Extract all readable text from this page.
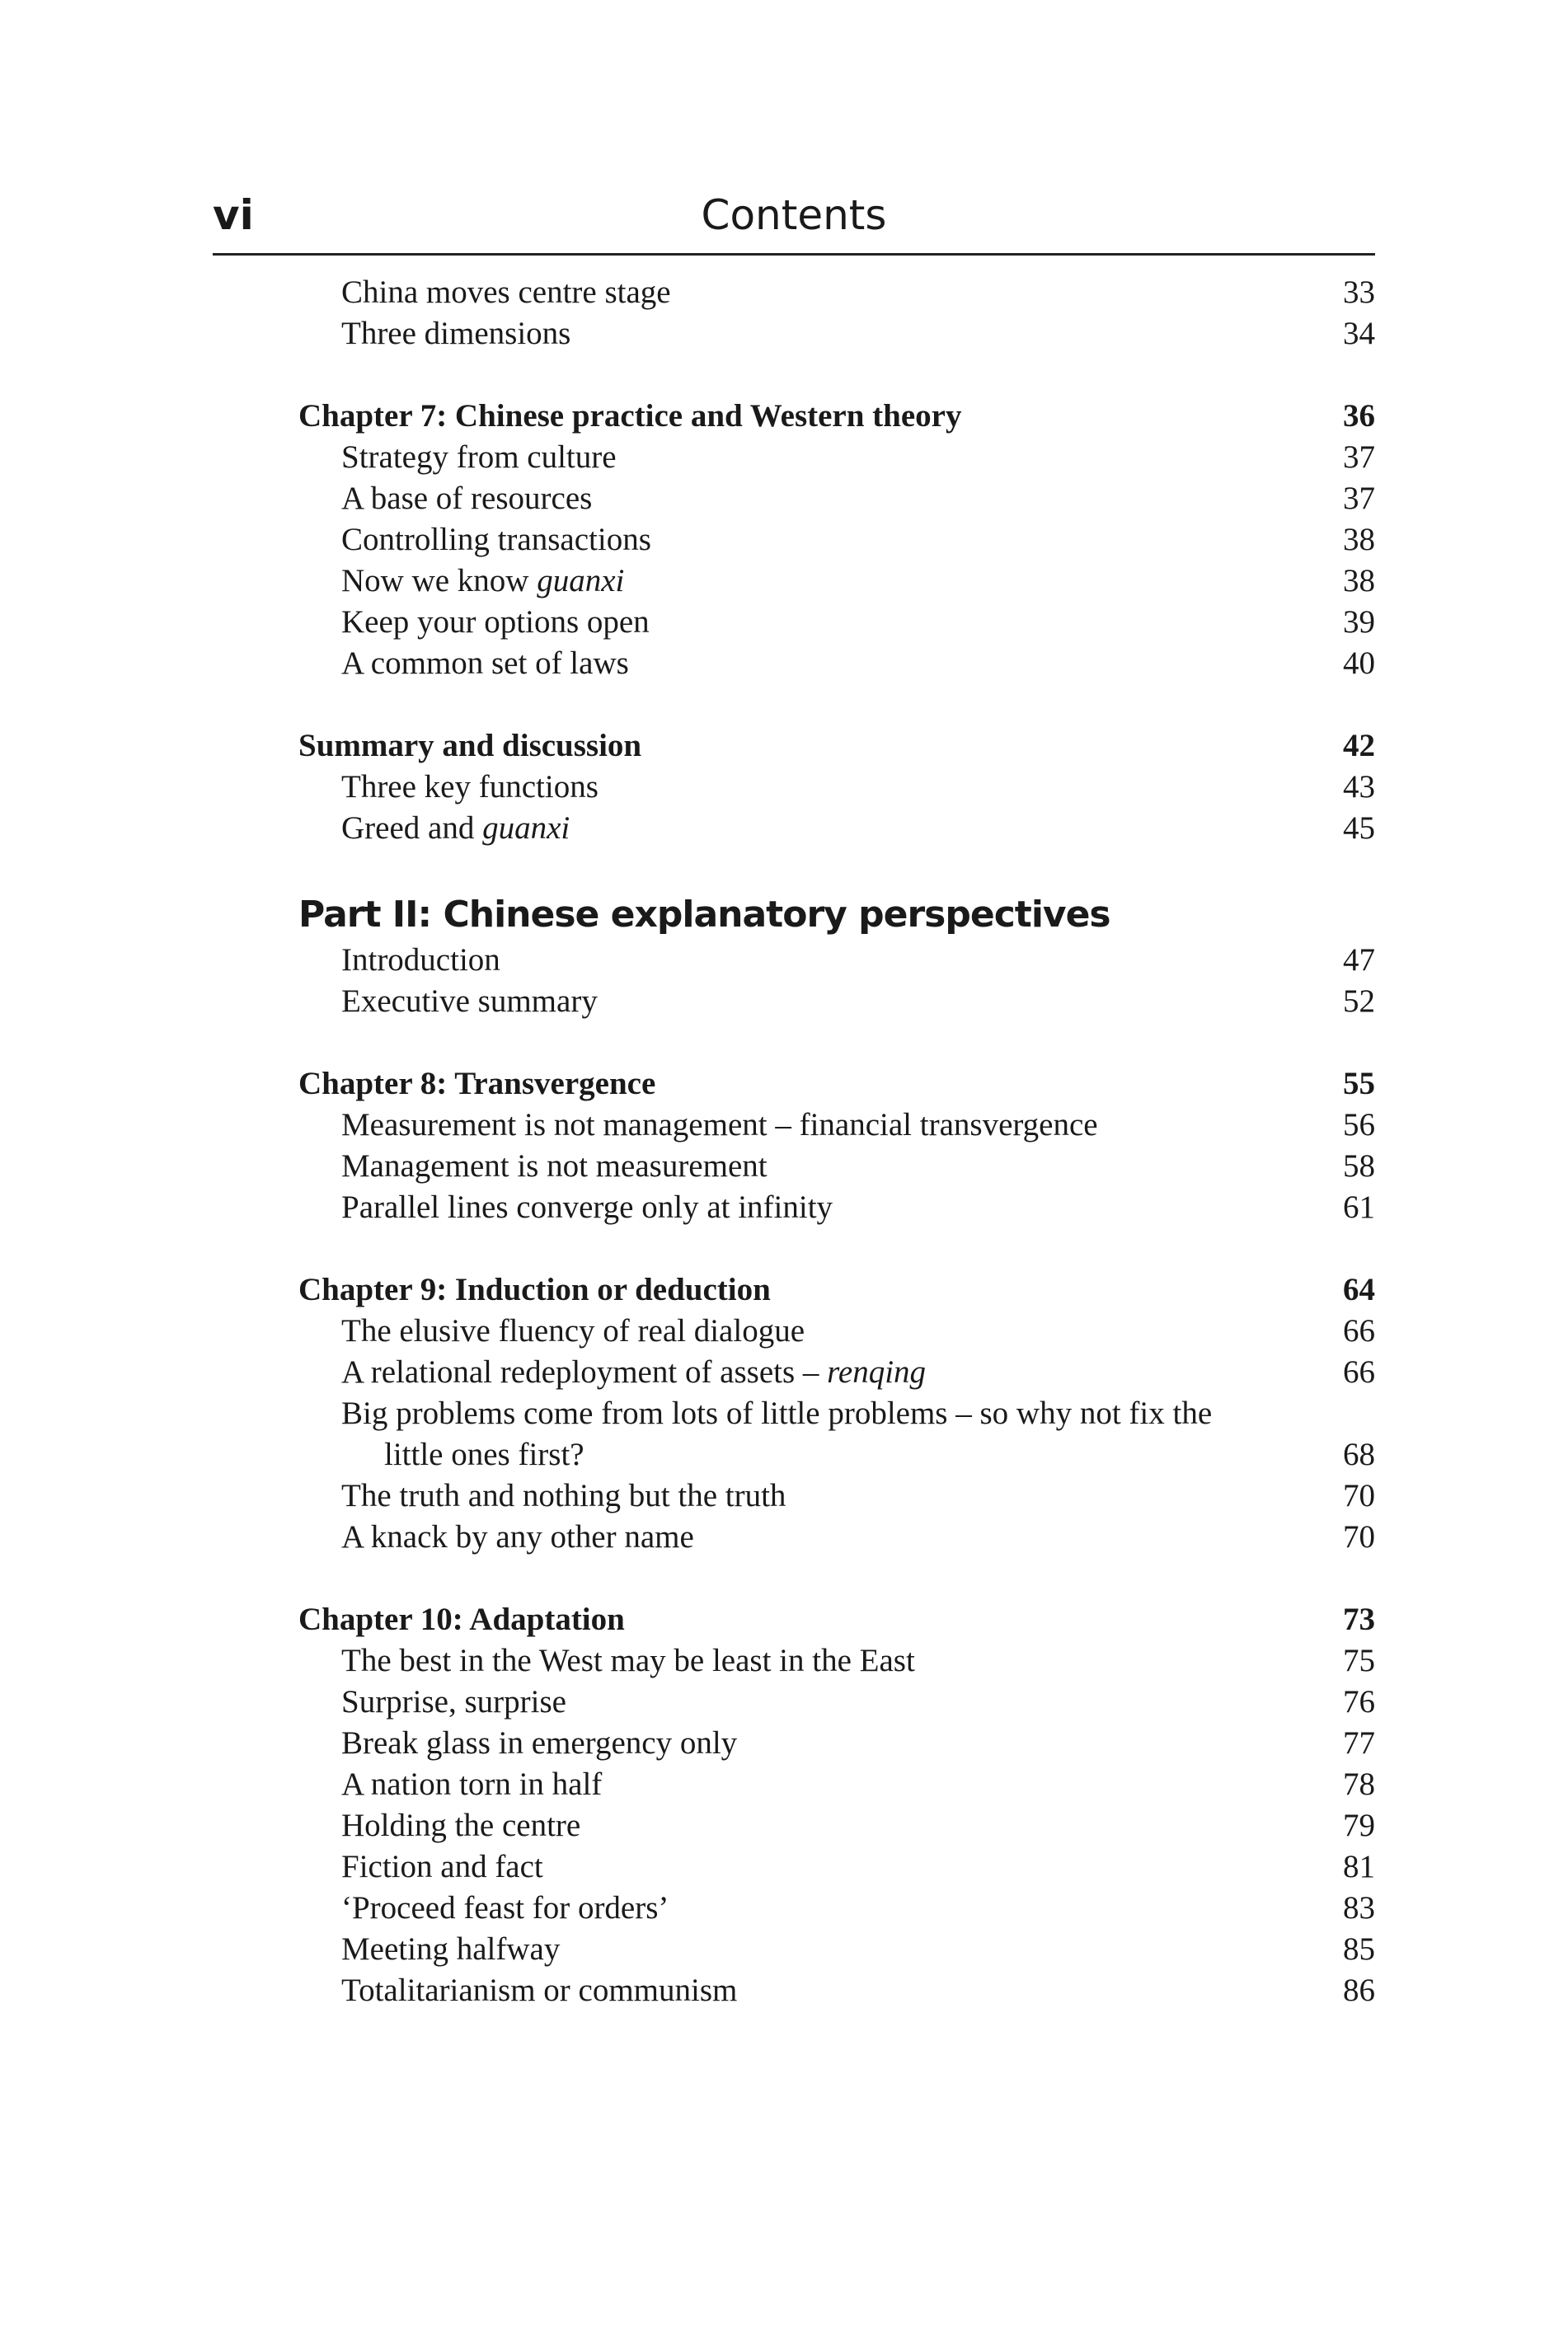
vi	Contents
China moves centre stage	33
Three dimensions	34
Chapter 7: Chinese practice and Western theory	36
Strategy from culture	37
A base of resources	37
Controlling transactions	38
Now we know guanxi	38
Keep your options open	39
A common set of laws	40
Summary and discussion	42
Three key functions	43
Greed and guanxi	45
Part II: Chinese explanatory perspectives
Introduction	47
Executive summary	52
Chapter 8: Transvergence	55
Measurement is not management – financial transvergence	56
Management is not measurement	58
Parallel lines converge only at infinity	61
Chapter 9: Induction or deduction	64
The elusive fluency of real dialogue	66
A relational redeployment of assets – renqing	66
Big problems come from lots of little problems – so why not fix the little ones first?	68
The truth and nothing but the truth	70
A knack by any other name	70
Chapter 10: Adaptation	73
The best in the West may be least in the East	75
Surprise, surprise	76
Break glass in emergency only	77
A nation torn in half	78
Holding the centre	79
Fiction and fact	81
‘Proceed feast for orders’	83
Meeting halfway	85
Totalitarianism or communism	86
